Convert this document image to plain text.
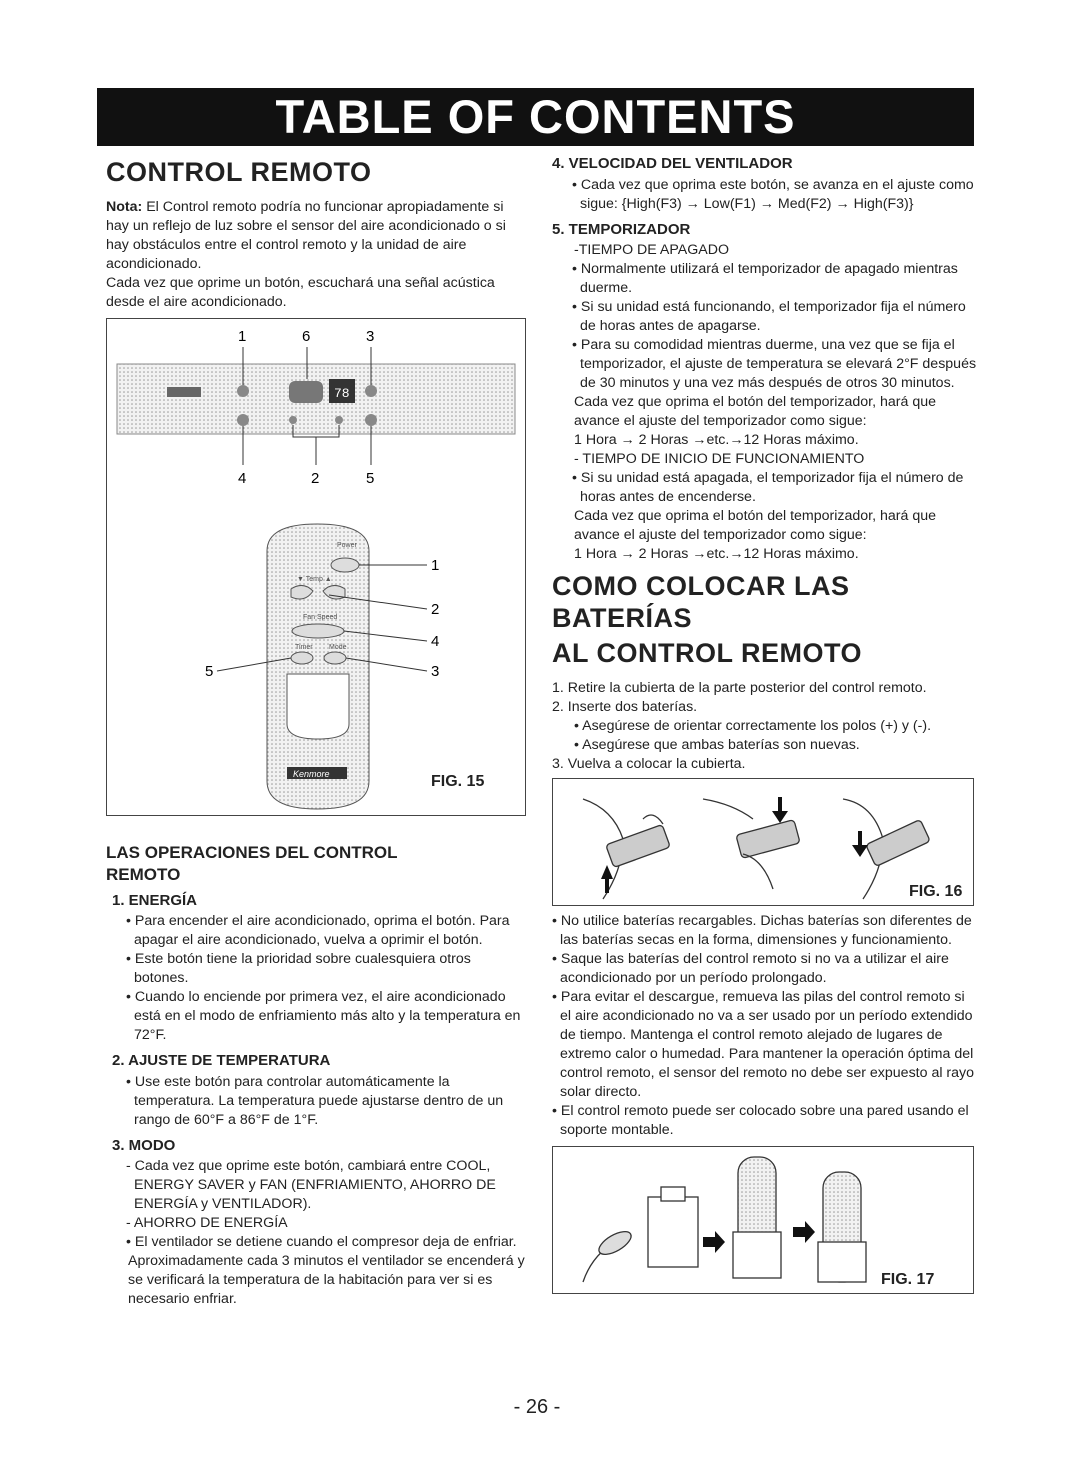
TABLE OF CONTENTS
CONTROL REMOTO

Nota: El Control remoto podría no funcionar apropiadamente si hay un reflejo de luz sobre el sensor del aire acondicionado o si hay obstáculos entre el control remoto y la unidad de aire acondicionado.

Cada vez que oprime un botón, escuchará una señal acústica desde el aire acondicionado.

78
1	6	3
4	2	5
Power
▼ Temp ▲
Fan Speed
Timer Mode
Kenmore
1
2
4
3
5
FIG. 15
LAS OPERACIONES DEL CONTROL REMOTO
1. ENERGÍA

• Para encender el aire acondicionado, oprima el botón. Para apagar el aire acondicionado, vuelva a oprimir el botón.

• Este botón tiene la prioridad sobre cualesquiera otros botones.

• Cuando lo enciende por primera vez, el aire acondicionado está en el modo de enfriamiento más alto y la temperatura en 72°F.

2. AJUSTE DE TEMPERATURA

• Use este botón para controlar automáticamente la temperatura. La temperatura puede ajustarse dentro de un rango de 60°F a 86°F de 1°F.

3. MODO

- Cada vez que oprime este botón, cambiará entre COOL, ENERGY SAVER y FAN (ENFRIAMIENTO, AHORRO DE ENERGÍA y VENTILADOR).

- AHORRO DE ENERGÍA

• El ventilador se detiene cuando el compresor deja de enfriar.

Aproximadamente cada 3 minutos el ventilador se encenderá y se verificará la temperatura de la habitación para ver si es necesario enfriar.

4. VELOCIDAD DEL VENTILADOR

• Cada vez que oprima este botón, se avanza en el ajuste como sigue: {High(F3) → Low(F1) → Med(F2) → High(F3)}

5. TEMPORIZADOR

-TIEMPO DE APAGADO

• Normalmente utilizará el temporizador de apagado mientras duerme.

• Si su unidad está funcionando, el temporizador fija el número de horas antes de apagarse.

• Para su comodidad mientras duerme, una vez que se fija el temporizador, el ajuste de temperatura se elevará 2°F después de 30 minutos y una vez más después de otros 30 minutos.

Cada vez que oprima el botón del temporizador, hará que avance el ajuste del temporizador como sigue:

1 Hora → 2 Horas →etc.→12 Horas máximo.

- TIEMPO DE INICIO DE FUNCIONAMIENTO

• Si su unidad está apagada, el temporizador fija el número de horas antes de encenderse.

Cada vez que oprima el botón del temporizador, hará que avance el ajuste del temporizador como sigue:

1 Hora → 2 Horas →etc.→12 Horas máximo.

COMO COLOCAR LAS BATERÍAS
AL CONTROL REMOTO

1. Retire la cubierta de la parte posterior del control remoto.

2. Inserte dos baterías.

• Asegúrese de orientar correctamente los polos (+) y (-).

• Asegúrese que ambas baterías son nuevas.

3. Vuelva a colocar la cubierta.

FIG. 16

• No utilice baterías recargables. Dichas baterías son diferentes de las baterías secas en la forma, dimensiones y funcionamiento.

• Saque las baterías del control remoto si no va a utilizar el aire acondicionado por un período prolongado.

• Para evitar el descargue, remueva las pilas del control remoto si el aire acondicionado no va a ser usado por un período extendido de tiempo. Mantenga el control remoto alejado de lugares de extremo calor o humedad. Para mantener la operación óptima del control remoto, el sensor del remoto no debe ser expuesto al rayo solar directo.

• El control remoto puede ser colocado sobre una pared usando el soporte montable.

FIG. 17
- 26 -
